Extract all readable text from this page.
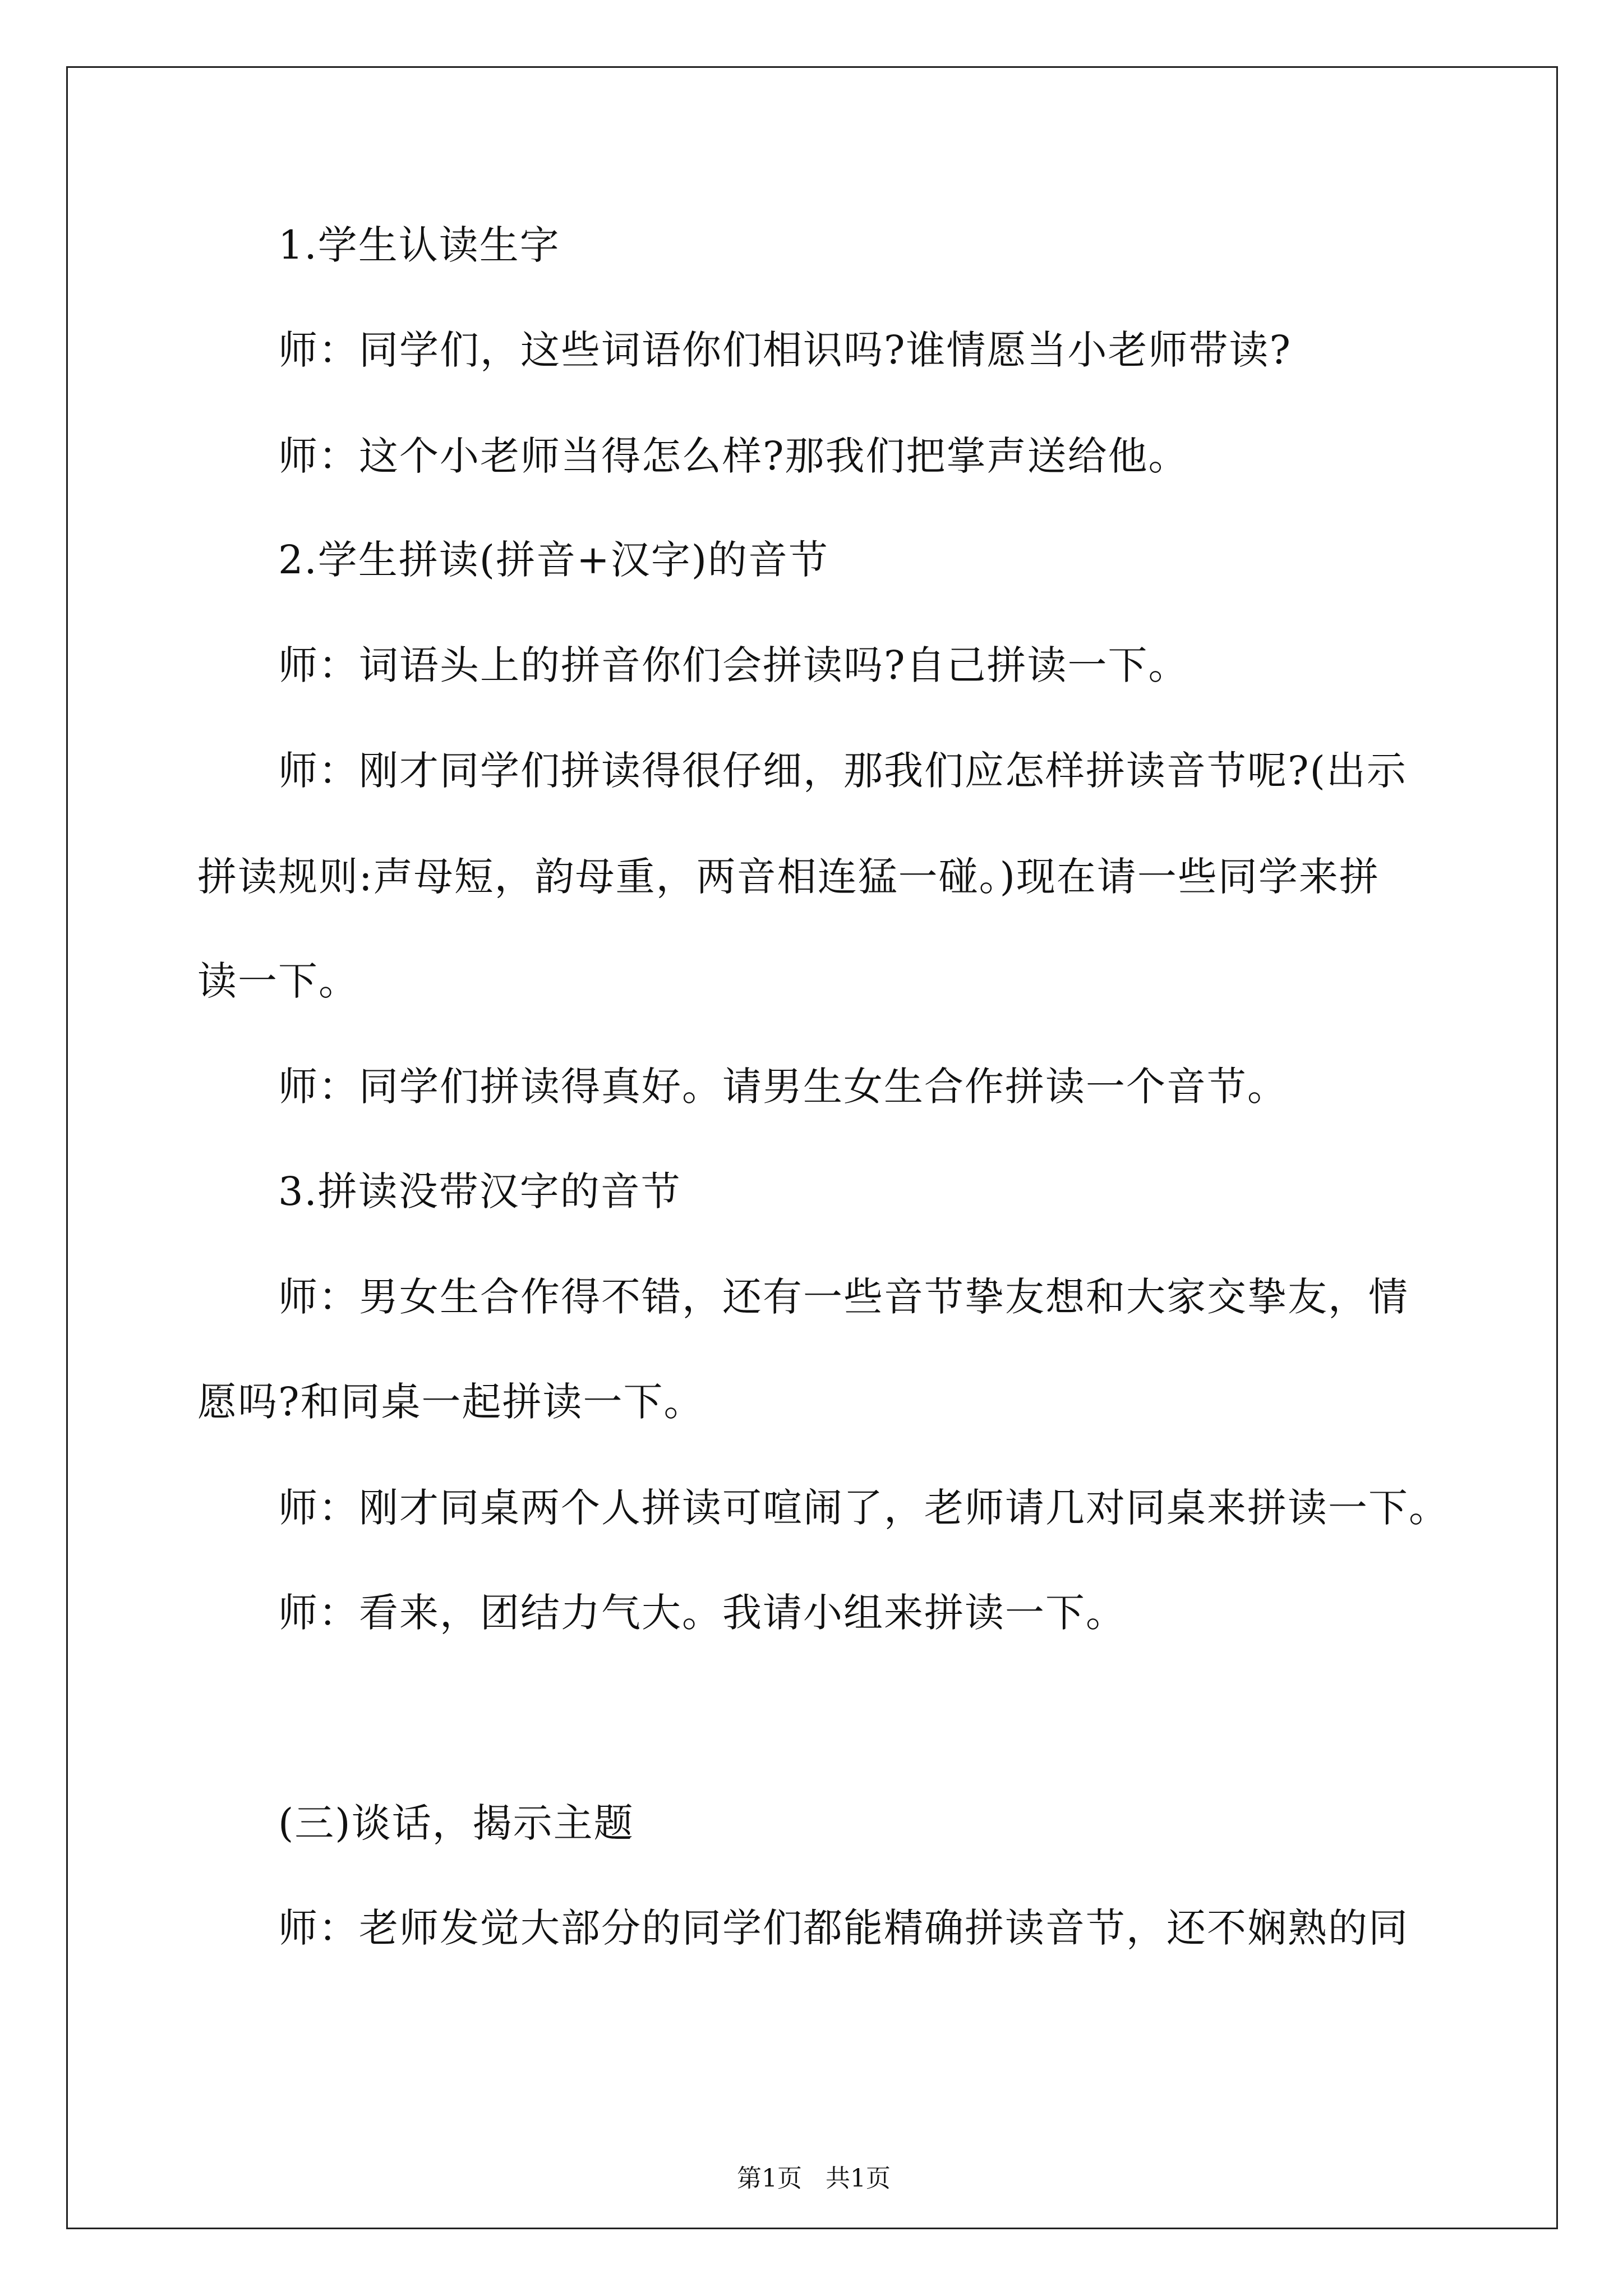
1.学生认读生字
师：同学们，这些词语你们相识吗?谁情愿当小老师带读?
师：这个小老师当得怎么样?那我们把掌声送给他。
2.学生拼读(拼音+汉字)的音节
师：词语头上的拼音你们会拼读吗?自己拼读一下。
师：刚才同学们拼读得很仔细，那我们应怎样拼读音节呢?(出示
拼读规则:声母短，韵母重，两音相连猛一碰。)现在请一些同学来拼
读一下。
师：同学们拼读得真好。请男生女生合作拼读一个音节。
3.拼读没带汉字的音节
师：男女生合作得不错，还有一些音节挚友想和大家交挚友，情
愿吗?和同桌一起拼读一下。
师：刚才同桌两个人拼读可喧闹了，老师请几对同桌来拼读一下。
师：看来，团结力气大。我请小组来拼读一下。
(三)谈话，揭示主题
师：老师发觉大部分的同学们都能精确拼读音节，还不娴熟的同
第1页   共1页
